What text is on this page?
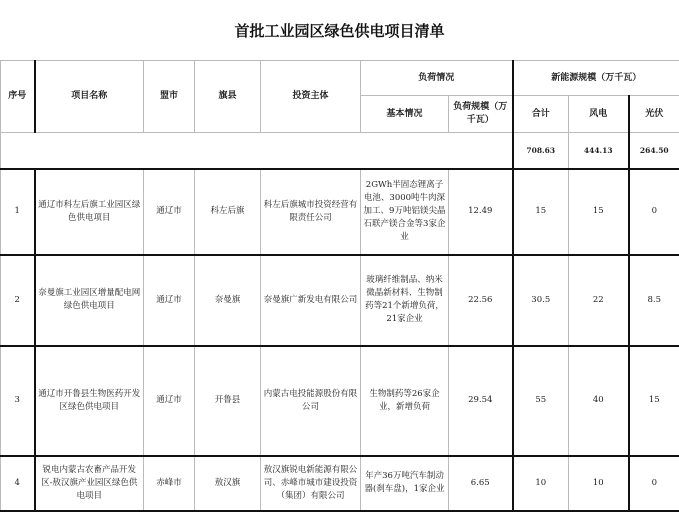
首批工业园区绿色供电项目清单
序号	项目名称	盟市	旗县	投资主体	负荷情况		新能源规模（万千瓦）		
					基本情况	负荷规模（万千瓦）	合计	风电	光伏
							708.63	444.13	264.50
1	通辽市科左后旗工业园区绿色供电项目	通辽市	科左后旗	科左后旗城市投资经营有限责任公司	2GWh半固态锂离子电池、3000吨牛肉深加工、9万吨铝镁尖晶石联产镁合金等3家企业	12.49	15	15	0
2	奈曼旗工业园区增量配电网绿色供电项目	通辽市	奈曼旗	奈曼旗广新发电有限公司	玻璃纤维制品、纳米微晶新材料、生物制药等21个新增负荷，21家企业	22.56	30.5	22	8.5
3	通辽市开鲁县生物医药开发区绿色供电项目	通辽市	开鲁县	内蒙古电投能源股份有限公司	生物制药等26家企业，新增负荷	29.54	55	40	15
4	锐电内蒙古农畜产品开发区-敖汉旗产业园区绿色供电项目	赤峰市	敖汉旗	敖汉旗锐电新能源有限公司、赤峰市城市建设投资（集团）有限公司	年产36万吨汽车制动器(刹车盘)，1家企业	6.65	10	10	0
